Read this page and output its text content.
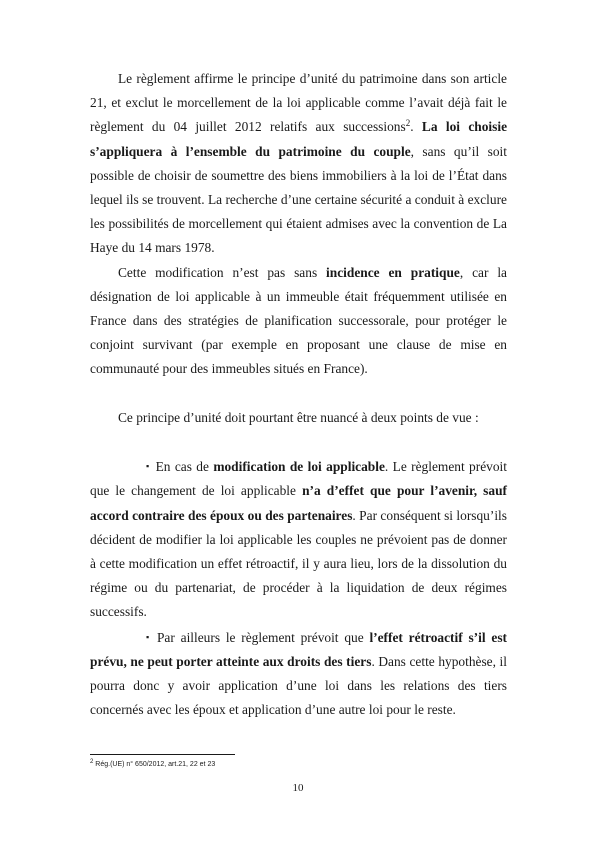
Le règlement affirme le principe d’unité du patrimoine dans son article 21, et exclut le morcellement de la loi applicable comme l’avait déjà fait le règlement du 04 juillet 2012 relatifs aux successions$^2$. La loi choisie s’appliquera à l’ensemble du patrimoine du couple, sans qu’il soit possible de choisir de soumettre des biens immobiliers à la loi de l’État dans lequel ils se trouvent. La recherche d’une certaine sécurité a conduit à exclure les possibilités de morcellement qui étaient admises avec la convention de La Haye du 14 mars 1978.

Cette modification n’est pas sans incidence en pratique, car la désignation de loi applicable à un immeuble était fréquemment utilisée en France dans des stratégies de planification successorale, pour protéger le conjoint survivant (par exemple en proposant une clause de mise en communauté pour des immeubles situés en France).

Ce principe d’unité doit pourtant être nuancé à deux points de vue :

▪ En cas de modification de loi applicable. Le règlement prévoit que le changement de loi applicable n’a d’effet que pour l’avenir, sauf accord contraire des époux ou des partenaires. Par conséquent si lorsqu’ils décident de modifier la loi applicable les couples ne prévoient pas de donner à cette modification un effet rétroactif, il y aura lieu, lors de la dissolution du régime ou du partenariat, de procéder à la liquidation de deux régimes successifs.

▪ Par ailleurs le règlement prévoit que l’effet rétroactif s’il est prévu, ne peut porter atteinte aux droits des tiers. Dans cette hypothèse, il pourra donc y avoir application d’une loi dans les relations des tiers concernés avec les époux et application d’une autre loi pour le reste.

$^2$ Rég.(UE) n° 650/2012, art.21, 22 et 23
10
